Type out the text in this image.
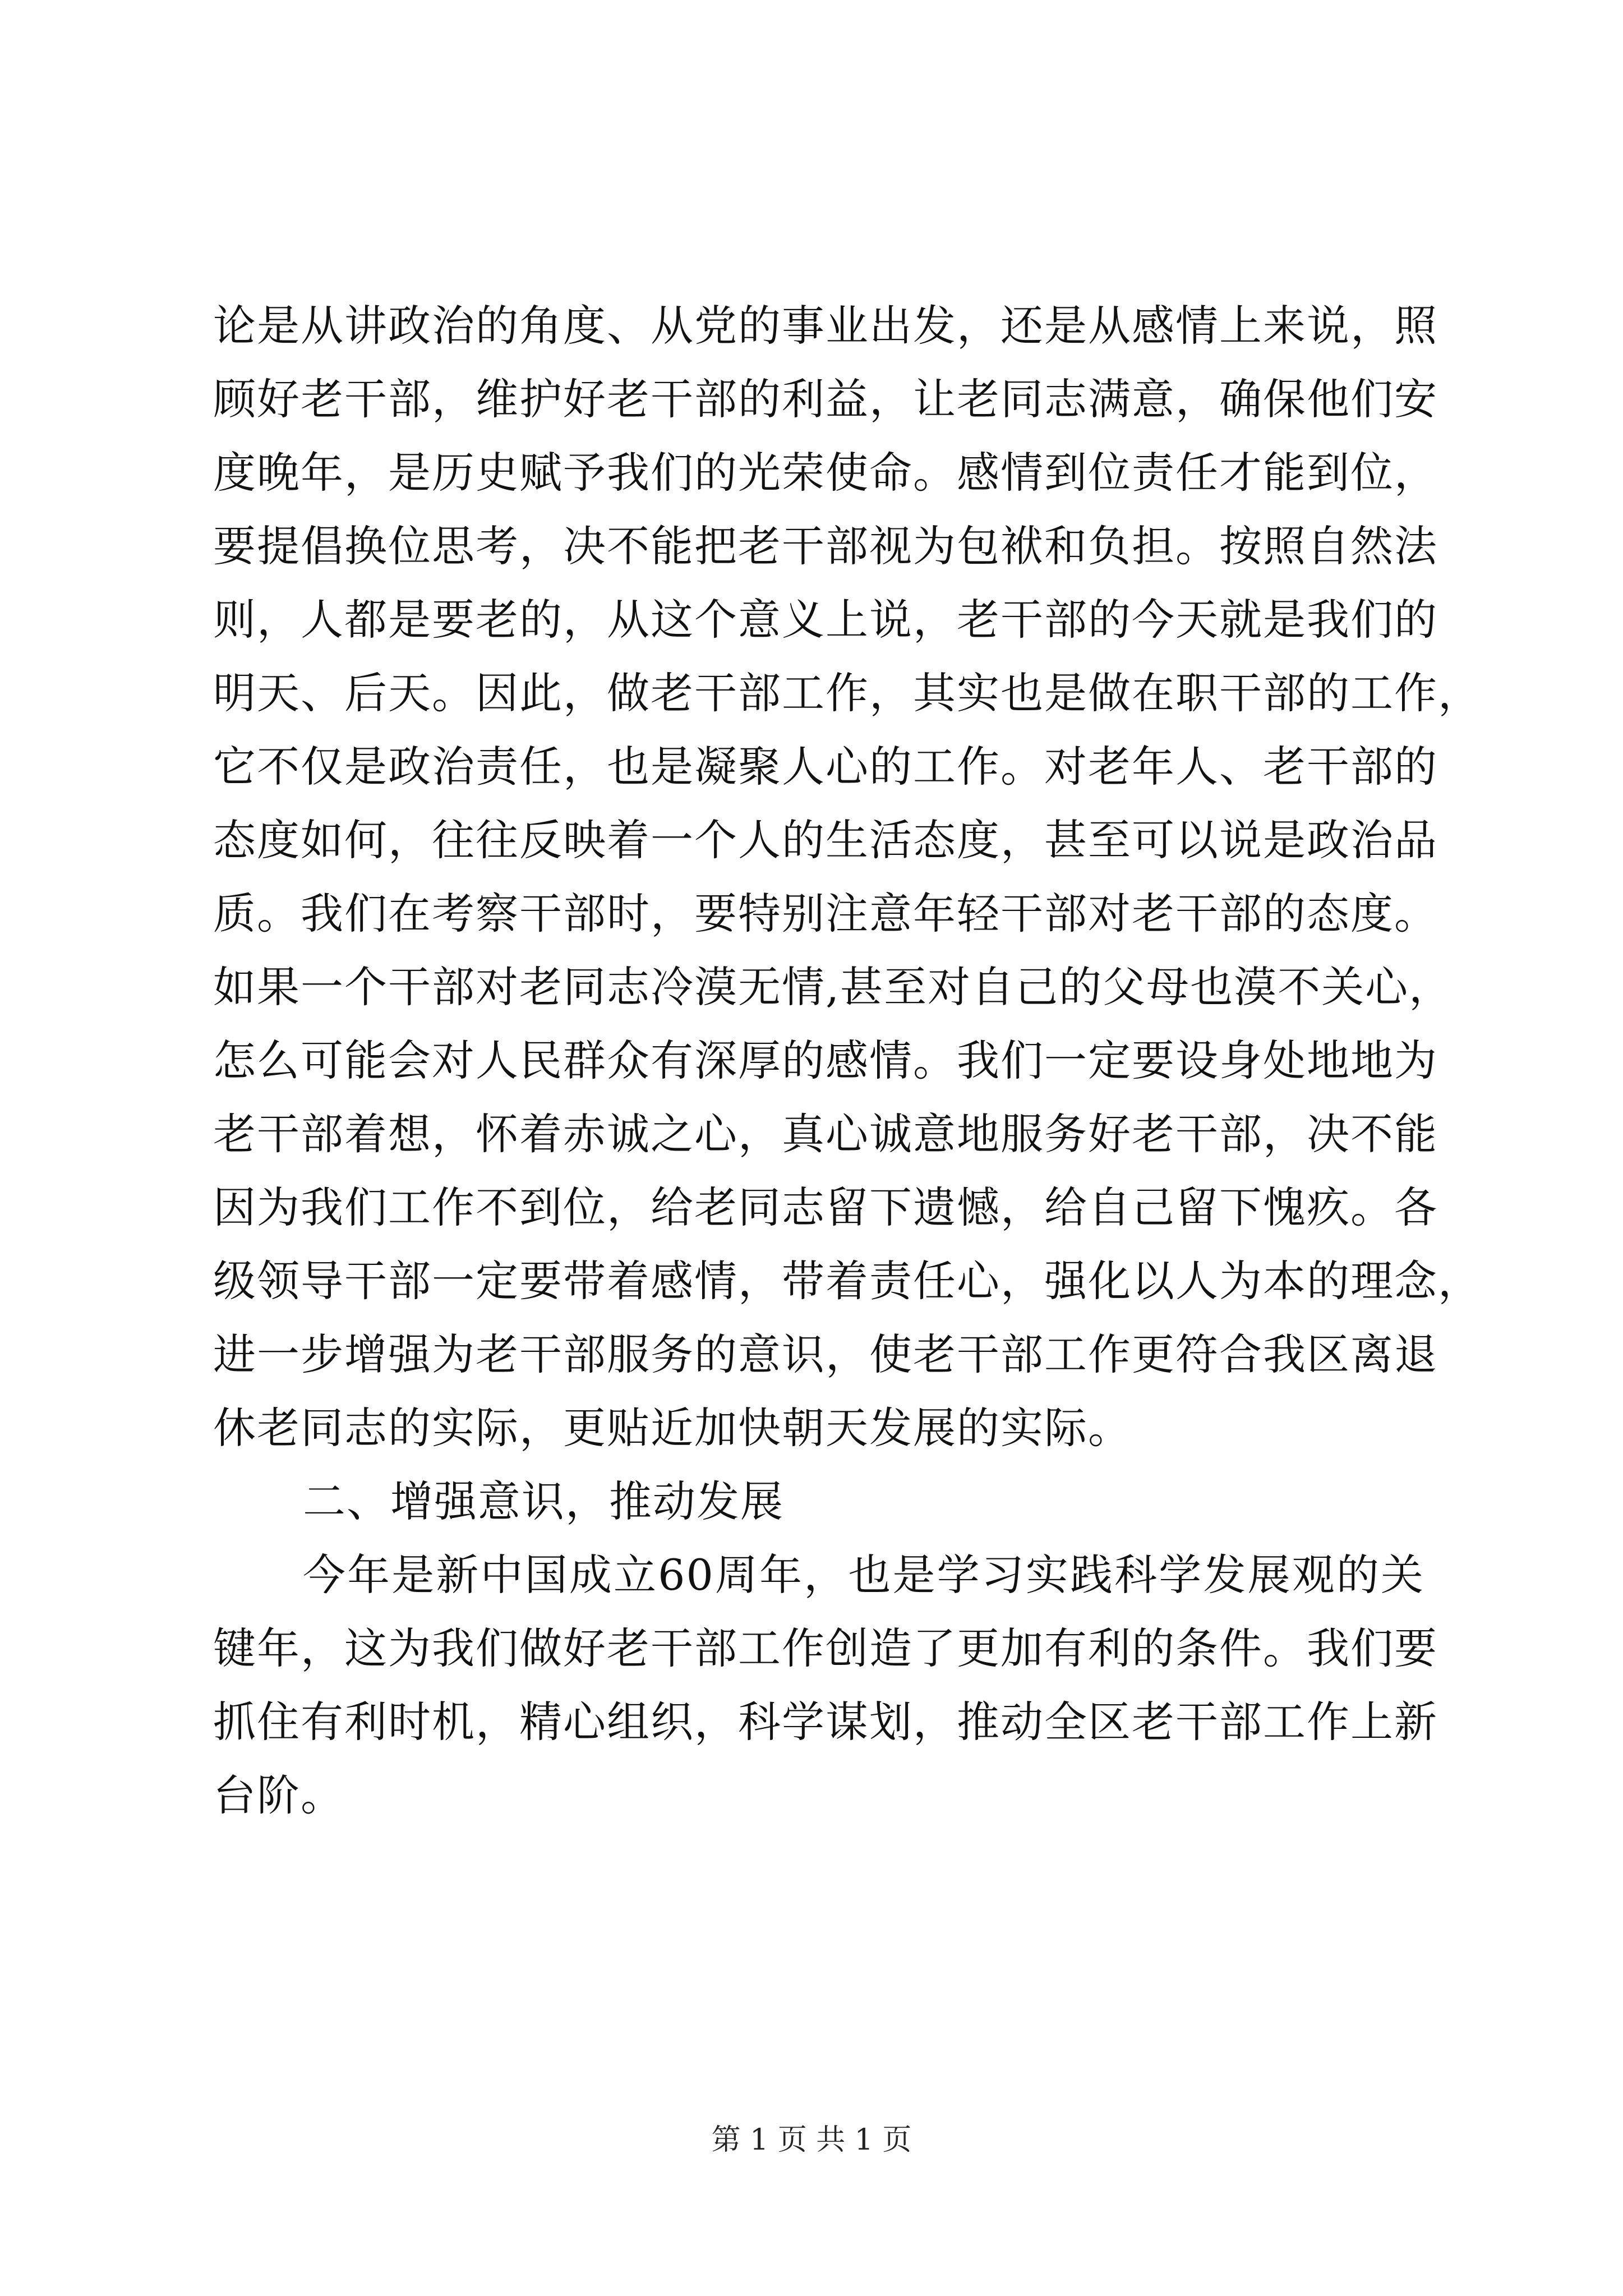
论是从讲政治的角度、从党的事业出发，还是从感情上来说，照
顾好老干部，维护好老干部的利益，让老同志满意，确保他们安
度晚年，是历史赋予我们的光荣使命。感情到位责任才能到位，
要提倡换位思考，决不能把老干部视为包袱和负担。按照自然法
则，人都是要老的，从这个意义上说，老干部的今天就是我们的
明天、后天。因此，做老干部工作，其实也是做在职干部的工作，
它不仅是政治责任，也是凝聚人心的工作。对老年人、老干部的
态度如何，往往反映着一个人的生活态度，甚至可以说是政治品
质。我们在考察干部时，要特别注意年轻干部对老干部的态度。
如果一个干部对老同志冷漠无情,甚至对自己的父母也漠不关心，
怎么可能会对人民群众有深厚的感情。我们一定要设身处地地为
老干部着想，怀着赤诚之心，真心诚意地服务好老干部，决不能
因为我们工作不到位，给老同志留下遗憾，给自己留下愧疚。各
级领导干部一定要带着感情，带着责任心，强化以人为本的理念，
进一步增强为老干部服务的意识，使老干部工作更符合我区离退
休老同志的实际，更贴近加快朝天发展的实际。
二、增强意识，推动发展
今年是新中国成立60周年，也是学习实践科学发展观的关
键年，这为我们做好老干部工作创造了更加有利的条件。我们要
抓住有利时机，精心组织，科学谋划，推动全区老干部工作上新
台阶。
第 1 页 共 1 页
